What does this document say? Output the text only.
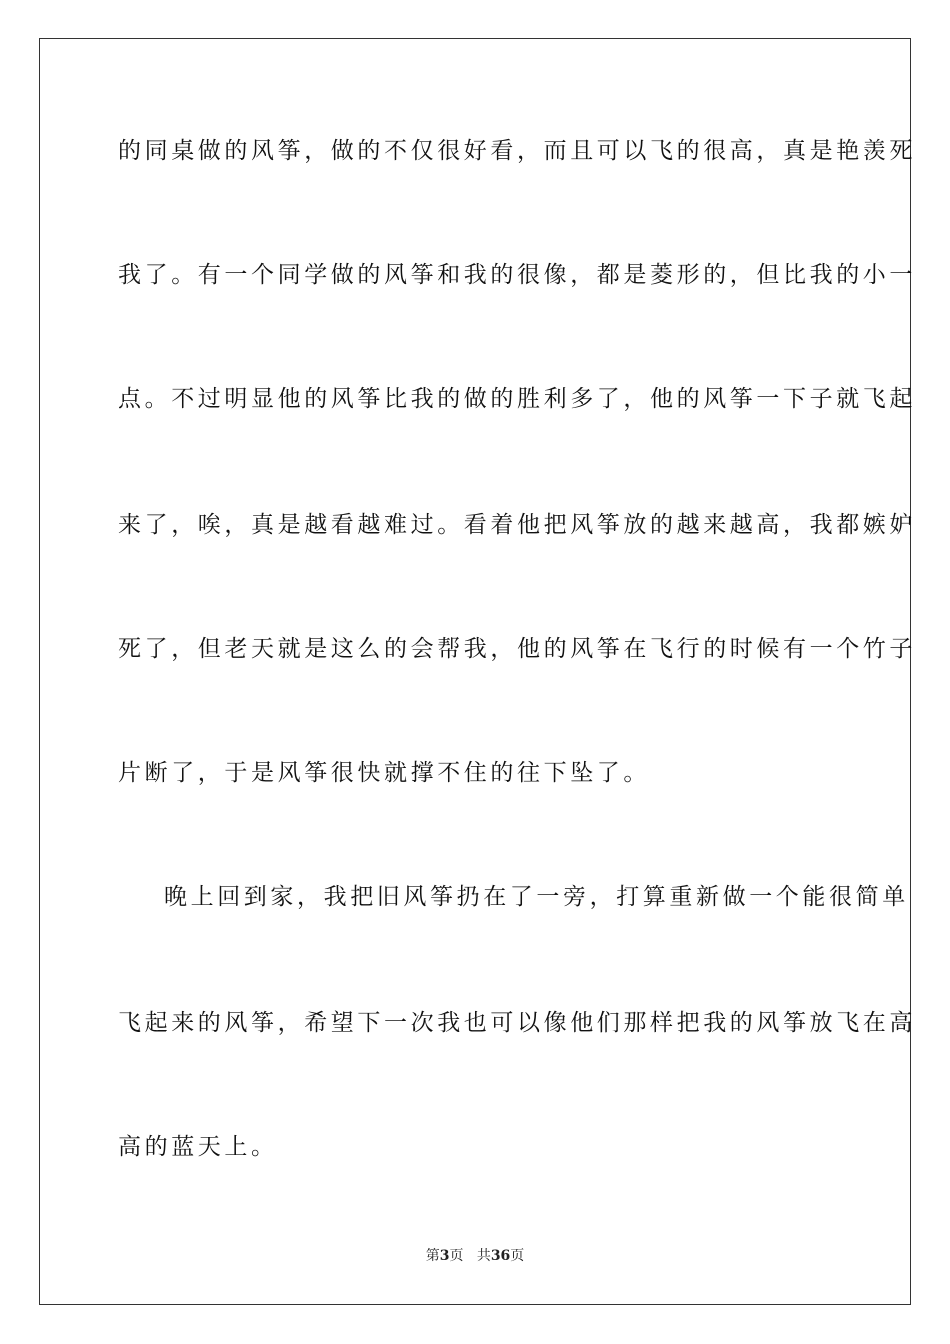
的同桌做的风筝，做的不仅很好看，而且可以飞的很高，真是艳羡死
我了。有一个同学做的风筝和我的很像，都是菱形的，但比我的小一
点。不过明显他的风筝比我的做的胜利多了，他的风筝一下子就飞起
来了，唉，真是越看越难过。看着他把风筝放的越来越高，我都嫉妒
死了，但老天就是这么的会帮我，他的风筝在飞行的时候有一个竹子
片断了，于是风筝很快就撑不住的往下坠了。
晚上回到家，我把旧风筝扔在了一旁，打算重新做一个能很简单
飞起来的风筝，希望下一次我也可以像他们那样把我的风筝放飞在高
高的蓝天上。
第3页 共36页
